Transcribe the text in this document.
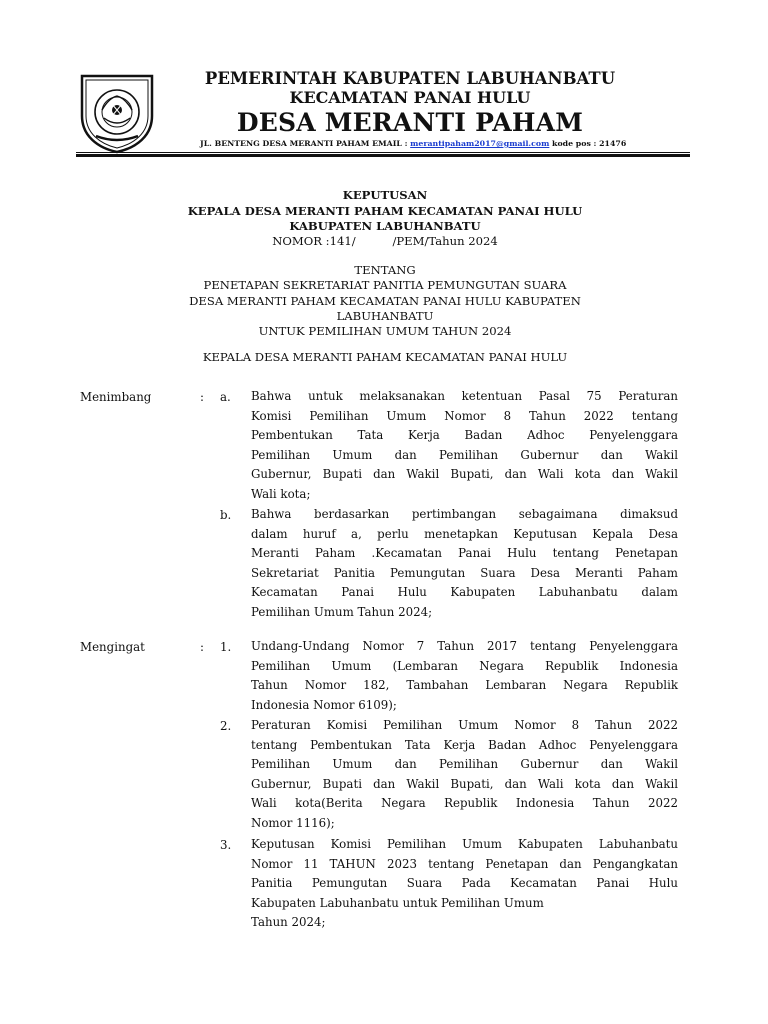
PEMERINTAH KABUPATEN LABUHANBATU
KECAMATAN PANAI HULU
DESA MERANTI PAHAM
JL. BENTENG DESA MERANTI PAHAM EMAIL : merantipaham2017@gmail.com kode pos : 21476
KEPUTUSAN
KEPALA DESA MERANTI PAHAM KECAMATAN PANAI HULU
KABUPATEN LABUHANBATU
NOMOR :141/          /PEM/Tahun 2024
TENTANG
PENETAPAN SEKRETARIAT PANITIA PEMUNGUTAN SUARA
DESA MERANTI PAHAM KECAMATAN PANAI HULU KABUPATEN
LABUHANBATU
UNTUK PEMILIHAN UMUM TAHUN 2024
KEPALA DESA MERANTI PAHAM KECAMATAN PANAI HULU
Menimbang	: a. Bahwa untuk melaksanakan ketentuan Pasal 75 Peraturan
Komisi Pemilihan Umum Nomor 8 Tahun 2022 tentang
Pembentukan Tata Kerja Badan Adhoc Penyelenggara
Pemilihan Umum dan Pemilihan Gubernur dan Wakil
Gubernur, Bupati dan Wakil Bupati, dan Wali kota dan Wakil
Wali kota;
b. Bahwa berdasarkan pertimbangan sebagaimana dimaksud
dalam huruf a, perlu menetapkan Keputusan Kepala Desa
Meranti Paham .Kecamatan Panai Hulu tentang Penetapan
Sekretariat Panitia Pemungutan Suara Desa Meranti Paham
Kecamatan Panai Hulu Kabupaten Labuhanbatu dalam
Pemilihan Umum Tahun 2024;
Mengingat	: 1. Undang-Undang Nomor 7 Tahun 2017 tentang Penyelenggara
Pemilihan Umum (Lembaran Negara Republik Indonesia
Tahun Nomor 182, Tambahan Lembaran Negara Republik
Indonesia Nomor 6109);
2. Peraturan Komisi Pemilihan Umum Nomor 8 Tahun 2022
tentang Pembentukan Tata Kerja Badan Adhoc Penyelenggara
Pemilihan Umum dan Pemilihan Gubernur dan Wakil
Gubernur, Bupati dan Wakil Bupati, dan Wali kota dan Wakil
Wali kota(Berita Negara Republik Indonesia Tahun 2022
Nomor 1116);
3. Keputusan Komisi Pemilihan Umum Kabupaten Labuhanbatu
Nomor 11 TAHUN 2023 tentang Penetapan dan Pengangkatan
Panitia Pemungutan Suara Pada Kecamatan Panai Hulu
Kabupaten Labuhanbatu untuk Pemilihan Umum
Tahun 2024;
